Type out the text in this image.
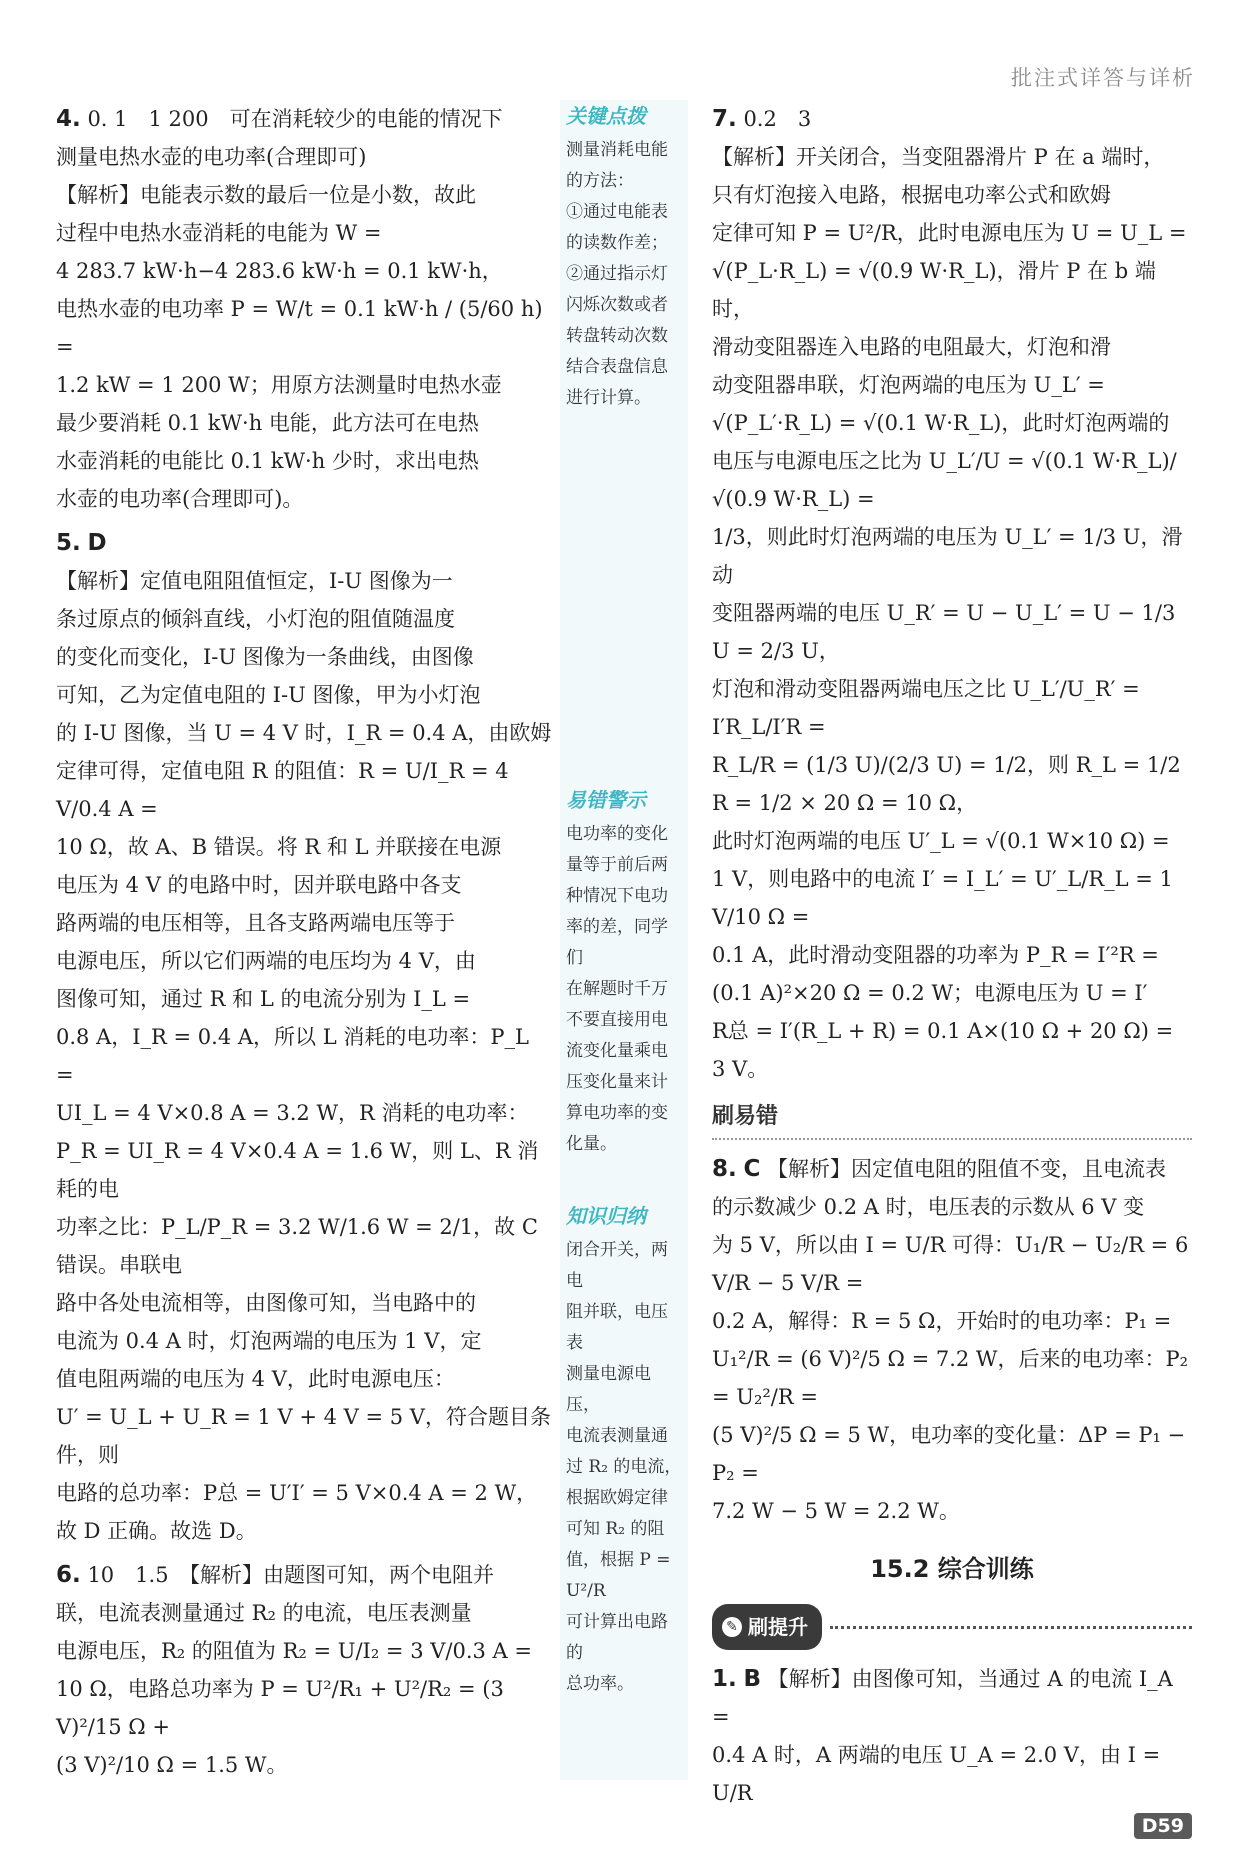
批注式详答与详析
4. 0. 1　1 200　可在消耗较少的电能的情况下
测量电热水壶的电功率(合理即可)
【解析】电能表示数的最后一位是小数，故此
过程中电热水壶消耗的电能为 W =
4 283.7 kW·h−4 283.6 kW·h = 0.1 kW·h，
电热水壶的电功率 P = W/t = 0.1 kW·h / (5/60 h) =
1.2 kW = 1 200 W；用原方法测量时电热水壶
最少要消耗 0.1 kW·h 电能，此方法可在电热
水壶消耗的电能比 0.1 kW·h 少时，求出电热
水壶的电功率(合理即可)。
5. D
【解析】定值电阻阻值恒定，I-U 图像为一
条过原点的倾斜直线，小灯泡的阻值随温度
的变化而变化，I-U 图像为一条曲线，由图像
可知，乙为定值电阻的 I-U 图像，甲为小灯泡
的 I-U 图像，当 U = 4 V 时，I_R = 0.4 A，由欧姆
定律可得，定值电阻 R 的阻值：R = U/I_R = 4 V/0.4 A =
10 Ω，故 A、B 错误。将 R 和 L 并联接在电源
电压为 4 V 的电路中时，因并联电路中各支
路两端的电压相等，且各支路两端电压等于
电源电压，所以它们两端的电压均为 4 V，由
图像可知，通过 R 和 L 的电流分别为 I_L =
0.8 A，I_R = 0.4 A，所以 L 消耗的电功率：P_L =
UI_L = 4 V×0.8 A = 3.2 W，R 消耗的电功率：
P_R = UI_R = 4 V×0.4 A = 1.6 W，则 L、R 消耗的电
功率之比：P_L/P_R = 3.2 W/1.6 W = 2/1，故 C 错误。串联电
路中各处电流相等，由图像可知，当电路中的
电流为 0.4 A 时，灯泡两端的电压为 1 V，定
值电阻两端的电压为 4 V，此时电源电压：
U′ = U_L + U_R = 1 V + 4 V = 5 V，符合题目条件，则
电路的总功率：P总 = U′I′ = 5 V×0.4 A = 2 W，
故 D 正确。故选 D。
6. 10　1.5　【解析】由题图可知，两个电阻并
联，电流表测量通过 R₂ 的电流，电压表测量
电源电压，R₂ 的阻值为 R₂ = U/I₂ = 3 V/0.3 A =
10 Ω，电路总功率为 P = U²/R₁ + U²/R₂ = (3 V)²/15 Ω +
(3 V)²/10 Ω = 1.5 W。
关键点拨
测量消耗电能
的方法：
①通过电能表
的读数作差；
②通过指示灯
闪烁次数或者
转盘转动次数
结合表盘信息
进行计算。
易错警示
电功率的变化
量等于前后两
种情况下电功
率的差，同学们
在解题时千万
不要直接用电
流变化量乘电
压变化量来计
算电功率的变
化量。
知识归纳
闭合开关，两电
阻并联，电压表
测量电源电压，
电流表测量通
过 R₂ 的电流，
根据欧姆定律
可知 R₂ 的阻
值，根据 P = U²/R
可计算出电路的
总功率。
7. 0.2　3
【解析】开关闭合，当变阻器滑片 P 在 a 端时，
只有灯泡接入电路，根据电功率公式和欧姆
定律可知 P = U²/R，此时电源电压为 U = U_L =
√(P_L·R_L) = √(0.9 W·R_L)，滑片 P 在 b 端时，
滑动变阻器连入电路的电阻最大，灯泡和滑
动变阻器串联，灯泡两端的电压为 U_L′ =
√(P_L′·R_L) = √(0.1 W·R_L)，此时灯泡两端的
电压与电源电压之比为 U_L′/U = √(0.1 W·R_L)/√(0.9 W·R_L) =
1/3，则此时灯泡两端的电压为 U_L′ = 1/3 U，滑动
变阻器两端的电压 U_R′ = U − U_L′ = U − 1/3 U = 2/3 U，
灯泡和滑动变阻器两端电压之比 U_L′/U_R′ = I′R_L/I′R =
R_L/R = (1/3 U)/(2/3 U) = 1/2，则 R_L = 1/2 R = 1/2 × 20 Ω = 10 Ω，
此时灯泡两端的电压 U′_L = √(0.1 W×10 Ω) =
1 V，则电路中的电流 I′ = I_L′ = U′_L/R_L = 1 V/10 Ω =
0.1 A，此时滑动变阻器的功率为 P_R = I′²R =
(0.1 A)²×20 Ω = 0.2 W；电源电压为 U = I′
R总 = I′(R_L + R) = 0.1 A×(10 Ω + 20 Ω) = 3 V。
刷易错
8. C 【解析】因定值电阻的阻值不变，且电流表
的示数减少 0.2 A 时，电压表的示数从 6 V 变
为 5 V，所以由 I = U/R 可得：U₁/R − U₂/R = 6 V/R − 5 V/R =
0.2 A，解得：R = 5 Ω，开始时的电功率：P₁ =
U₁²/R = (6 V)²/5 Ω = 7.2 W，后来的电功率：P₂ = U₂²/R =
(5 V)²/5 Ω = 5 W，电功率的变化量：ΔP = P₁ − P₂ =
7.2 W − 5 W = 2.2 W。
15.2 综合训练
✎ 刷提升
1. B 【解析】由图像可知，当通过 A 的电流 I_A =
0.4 A 时，A 两端的电压 U_A = 2.0 V，由 I = U/R
D59
